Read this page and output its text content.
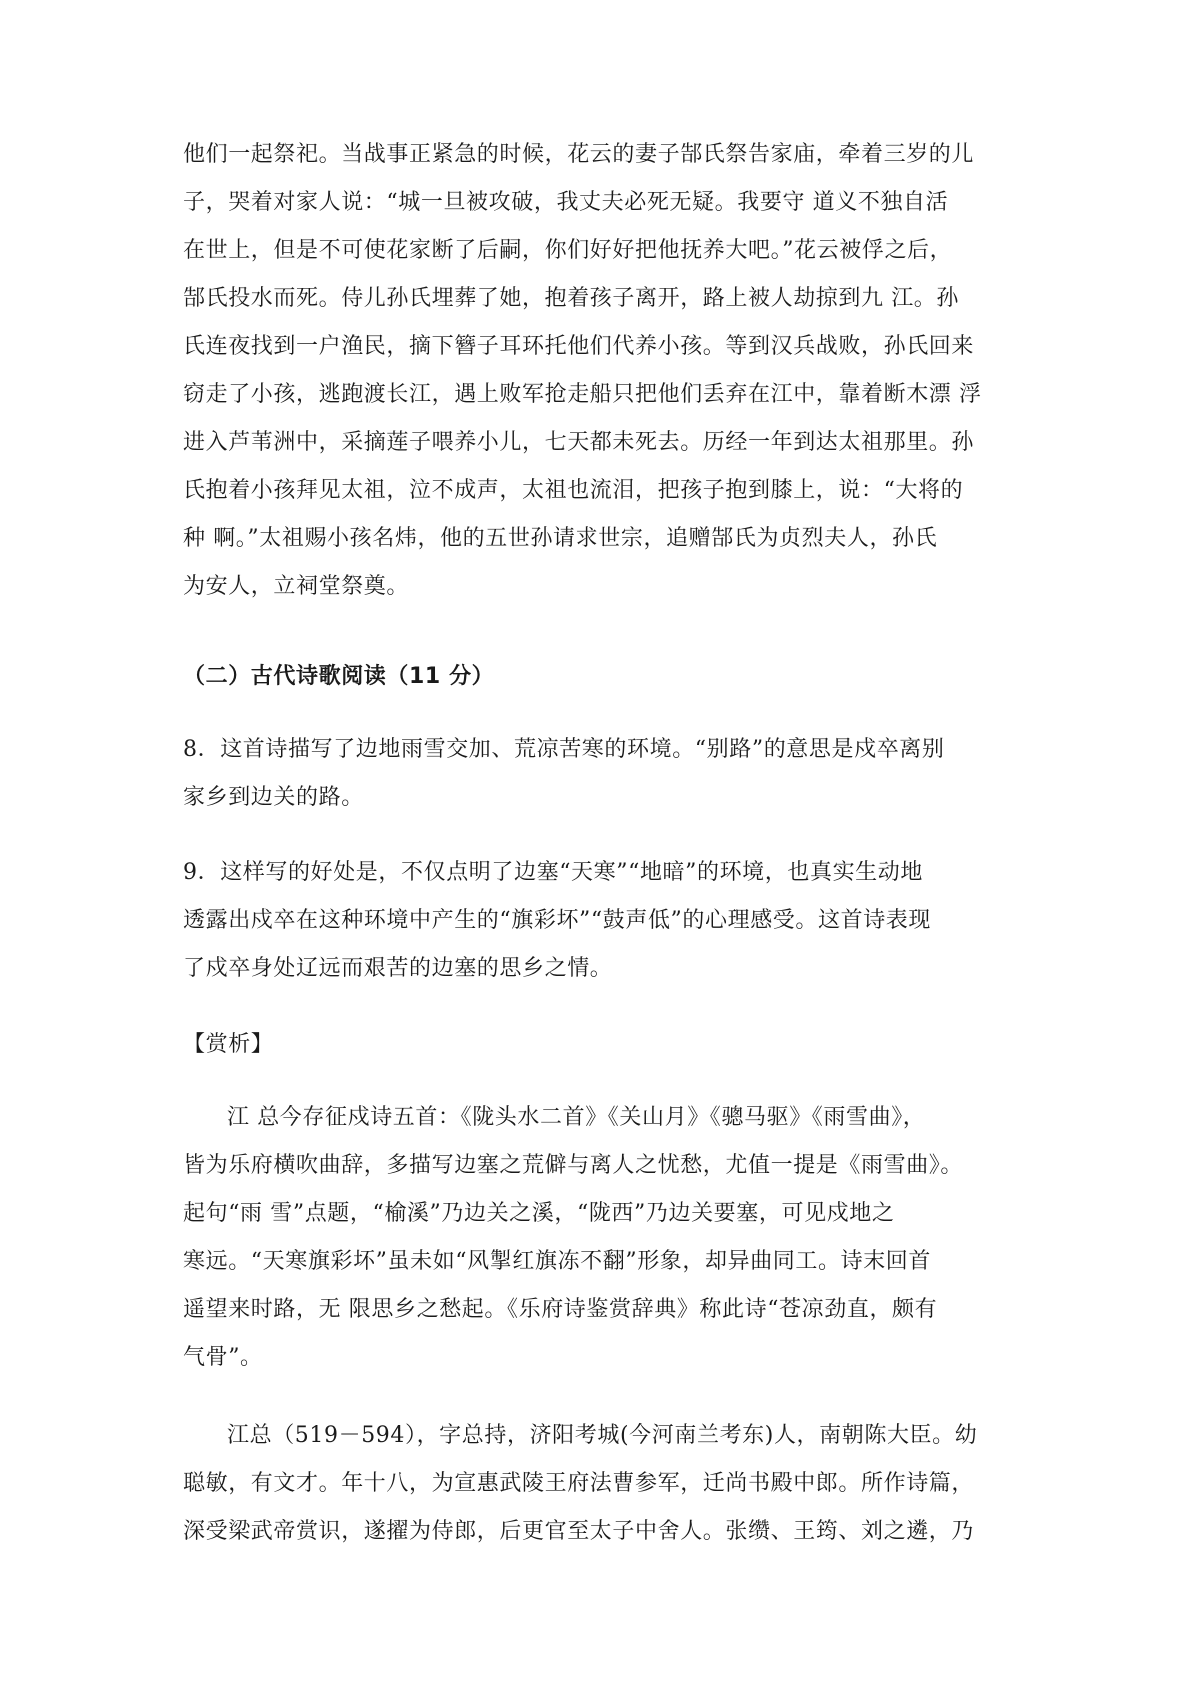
他们一起祭祀。当战事正紧急的时候，花云的妻子郜氏祭告家庙，牵着三岁的儿
子，哭着对家人说：“城一旦被攻破，我丈夫必死无疑。我要守 道义不独自活
在世上，但是不可使花家断了后嗣，你们好好把他抚养大吧。”花云被俘之后，
郜氏投水而死。侍儿孙氏埋葬了她，抱着孩子离开，路上被人劫掠到九 江。孙
氏连夜找到一户渔民，摘下簪子耳环托他们代养小孩。等到汉兵战败，孙氏回来
窃走了小孩，逃跑渡长江，遇上败军抢走船只把他们丢弃在江中，靠着断木漂 浮
进入芦苇洲中，采摘莲子喂养小儿，七天都未死去。历经一年到达太祖那里。孙
氏抱着小孩拜见太祖，泣不成声，太祖也流泪，把孩子抱到膝上，说：“大将的
种 啊。”太祖赐小孩名炜，他的五世孙请求世宗，追赠郜氏为贞烈夫人，孙氏
为安人，立祠堂祭奠。
（二）古代诗歌阅读（11 分）
8．这首诗描写了边地雨雪交加、荒凉苦寒的环境。“别路”的意思是戍卒离别
家乡到边关的路。
9．这样写的好处是，不仅点明了边塞“天寒”“地暗”的环境，也真实生动地
透露出戍卒在这种环境中产生的“旗彩坏”“鼓声低”的心理感受。这首诗表现
了戍卒身处辽远而艰苦的边塞的思乡之情。
【赏析】
江 总今存征戍诗五首：《陇头水二首》《关山月》《骢马驱》《雨雪曲》，
皆为乐府横吹曲辞，多描写边塞之荒僻与离人之忧愁，尤值一提是《雨雪曲》。
起句“雨 雪”点题，“榆溪”乃边关之溪，“陇西”乃边关要塞，可见戍地之
寒远。“天寒旗彩坏”虽未如“风掣红旗冻不翻”形象，却异曲同工。诗末回首
遥望来时路，无 限思乡之愁起。《乐府诗鉴赏辞典》称此诗“苍凉劲直，颇有
气骨”。
江总（519－594），字总持，济阳考城(今河南兰考东)人，南朝陈大臣。幼
聪敏，有文才。年十八，为宣惠武陵王府法曹参军，迁尚书殿中郎。所作诗篇，
深受梁武帝赏识，遂擢为侍郎，后更官至太子中舍人。张缵、王筠、刘之遴，乃
